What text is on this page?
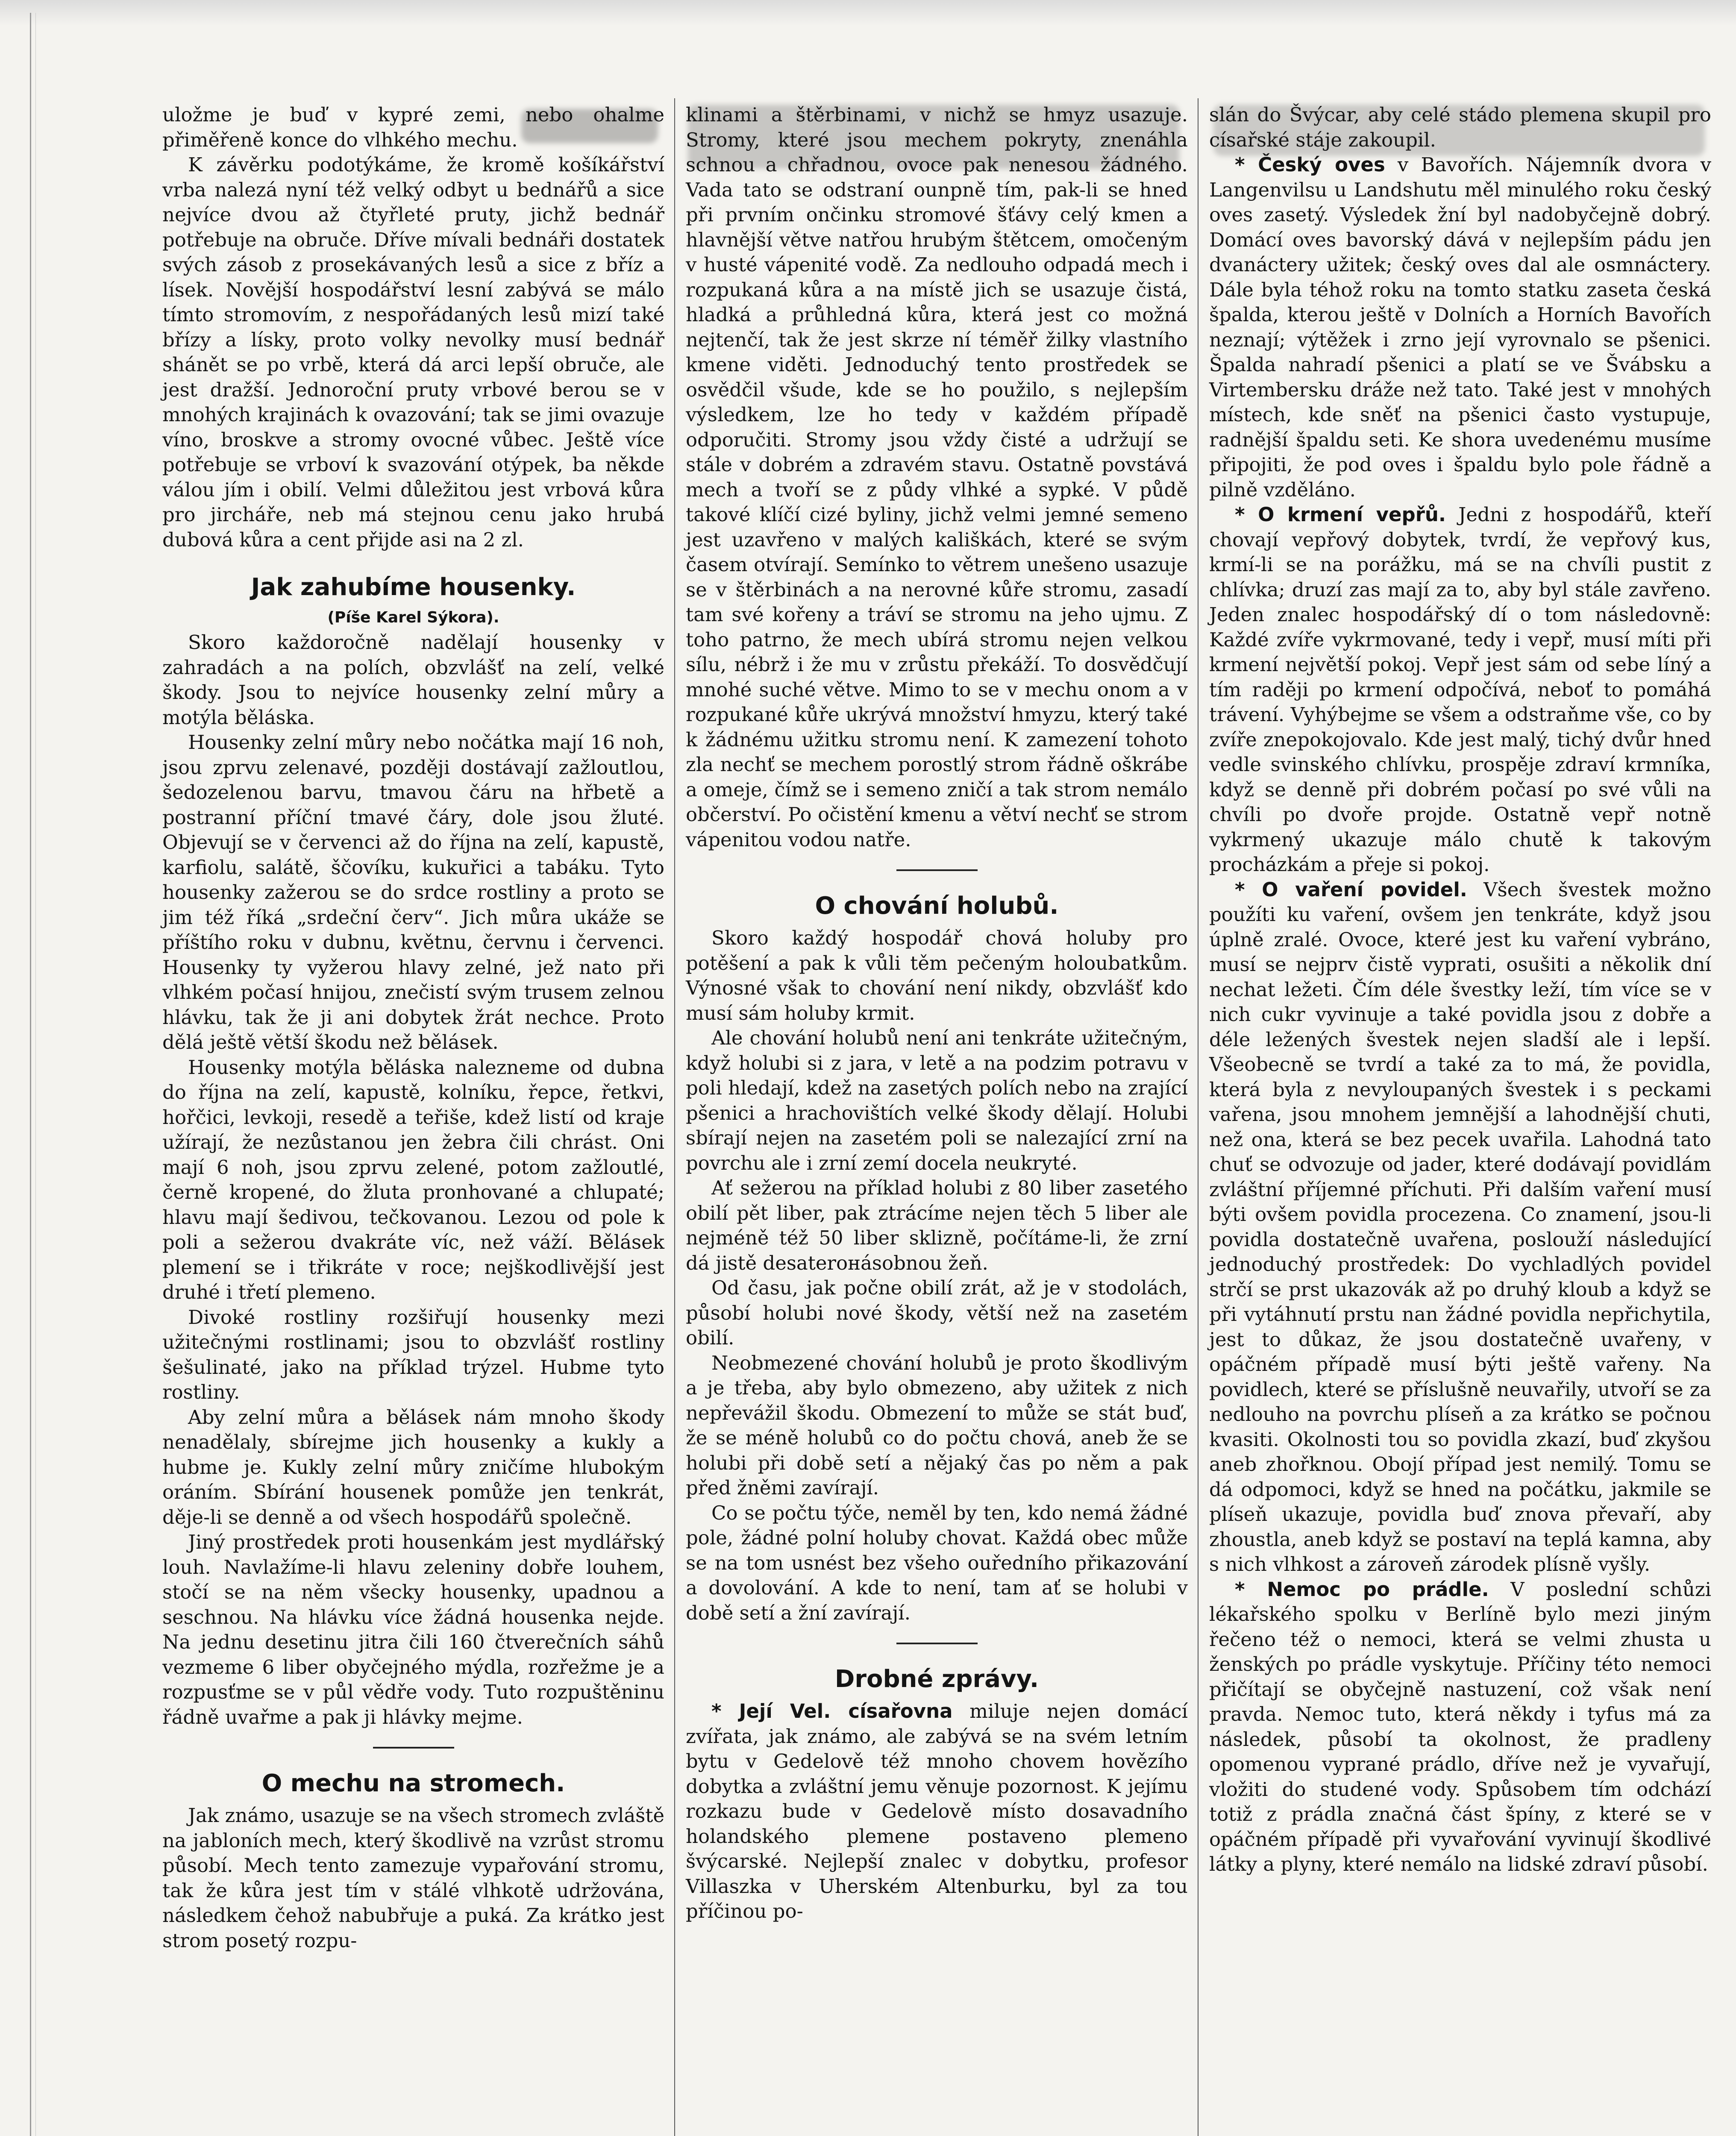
uložme je buď v kypré zemi, nebo ohalme přiměřeně konce do vlhkého mechu.

K závěrku podotýkáme, že kromě košíkářství vrba nalezá nyní též velký odbyt u bednářů a sice nejvíce dvou až čtyřleté pruty, jichž bednář potřebuje na obruče. Dříve mívali bednáři dostatek svých zásob z prosekávaných lesů a sice z bříz a lísek. Novější hospodářství lesní zabývá se málo tímto stromovím, z nespořádaných lesů mizí také břízy a lísky, proto volky nevolky musí bednář shánět se po vrbě, která dá arci lepší obruče, ale jest dražší. Jednoroční pruty vrbové berou se v mnohých krajinách k ovazování; tak se jimi ovazuje víno, broskve a stromy ovocné vůbec. Ještě více potřebuje se vrboví k svazování otýpek, ba někde válou jím i obilí. Velmi důležitou jest vrbová kůra pro jircháře, neb má stejnou cenu jako hrubá dubová kůra a cent přijde asi na 2 zl.

Jak zahubíme housenky.
(Píše Karel Sýkora).

Skoro každoročně nadělají housenky v zahradách a na polích, obzvlášť na zelí, velké škody. Jsou to nejvíce housenky zelní můry a motýla běláska.

Housenky zelní můry nebo nočátka mají 16 noh, jsou zprvu zelenavé, později dostávají zažloutlou, šedozelenou barvu, tmavou čáru na hřbetě a postranní příční tmavé čáry, dole jsou žluté. Objevují se v červenci až do října na zelí, kapustě, karfiolu, salátě, ščovíku, kukuřici a tabáku. Tyto housenky zažerou se do srdce rostliny a proto se jim též říká „srdeční červ“. Jich můra ukáže se příštího roku v dubnu, květnu, červnu i červenci. Housenky ty vyžerou hlavy zelné, jež nato při vlhkém počasí hnijou, znečistí svým trusem zelnou hlávku, tak že ji ani dobytek žrát nechce. Proto dělá ještě větší škodu než bělásek.

Housenky motýla běláska nalezneme od dubna do října na zelí, kapustě, kolníku, řepce, řetkvi, hořčici, levkoji, resedě a teřiše, kdež listí od kraje užírají, že nezůstanou jen žebra čili chrást. Oni mají 6 noh, jsou zprvu zelené, potom zažloutlé, černě kropené, do žluta pronhované a chlupaté; hlavu mají šedivou, tečkovanou. Lezou od pole k poli a sežerou dvakráte víc, než váží. Bělásek plemení se i třikráte v roce; nejškodlivější jest druhé i třetí plemeno.

Divoké rostliny rozšiřují housenky mezi užitečnými rostlinami; jsou to obzvlášť rostliny šešulinaté, jako na příklad trýzel. Hubme tyto rostliny.

Aby zelní můra a bělásek nám mnoho škody nenadělaly, sbírejme jich housenky a kukly a hubme je. Kukly zelní můry zničíme hlubokým oráním. Sbírání housenek pomůže jen tenkrát, děje-li se denně a od všech hospodářů společně.

Jiný prostředek proti housenkám jest mydlářský louh. Navlažíme-li hlavu zeleniny dobře louhem, stočí se na něm všecky housenky, upadnou a seschnou. Na hlávku více žádná housenka nejde. Na jednu desetinu jitra čili 160 čtverečních sáhů vezmeme 6 liber obyčejného mýdla, rozřežme je a rozpusťme se v půl vědře vody. Tuto rozpuštěninu řádně uvařme a pak ji hlávky mejme.

O mechu na stromech.

Jak známo, usazuje se na všech stromech zvláště na jabloních mech, který škodlivě na vzrůst stromu působí. Mech tento zamezuje vypařování stromu, tak že kůra jest tím v stálé vlhkotě udržována, následkem čehož nabubřuje a puká. Za krátko jest strom posetý rozpu-

klinami a štěrbinami, v nichž se hmyz usazuje. Stromy, které jsou mechem pokryty, znenáhla schnou a chřadnou, ovoce pak nenesou žádného. Vada tato se odstraní ounpně tím, pak-li se hned při prvním ončinku stromové šťávy celý kmen a hlavnější větve natřou hrubým štětcem, omočeným v husté vápenité vodě. Za nedlouho odpadá mech i rozpukaná kůra a na místě jich se usazuje čistá, hladká a průhledná kůra, která jest co možná nejtenčí, tak že jest skrze ní téměř žilky vlastního kmene viděti. Jednoduchý tento prostředek se osvědčil všude, kde se ho použilo, s nejlepším výsledkem, lze ho tedy v každém případě odporučiti. Stromy jsou vždy čisté a udržují se stále v dobrém a zdravém stavu. Ostatně povstává mech a tvoří se z půdy vlhké a sypké. V půdě takové klíčí cizé byliny, jichž velmi jemné semeno jest uzavřeno v malých kališkách, které se svým časem otvírají. Semínko to větrem unešeno usazuje se v štěrbinách a na nerovné kůře stromu, zasadí tam své kořeny a tráví se stromu na jeho ujmu. Z toho patrno, že mech ubírá stromu nejen velkou sílu, nébrž i že mu v zrůstu překáží. To dosvědčují mnohé suché větve. Mimo to se v mechu onom a v rozpukané kůře ukrývá množství hmyzu, který také k žádnému užitku stromu není. K zamezení tohoto zla nechť se mechem porostlý strom řádně oškrábe a omeje, čímž se i semeno zničí a tak strom nemálo občerství. Po očistění kmenu a větví nechť se strom vápenitou vodou natře.

O chování holubů.

Skoro každý hospodář chová holuby pro potěšení a pak k vůli těm pečeným holoubatkům. Výnosné však to chování není nikdy, obzvlášť kdo musí sám holuby krmit.

Ale chování holubů není ani tenkráte užitečným, když holubi si z jara, v letě a na podzim potravu v poli hledají, kdež na zasetých polích nebo na zrající pšenici a hrachovištích velké škody dělají. Holubi sbírají nejen na zasetém poli se nalezající zrní na povrchu ale i zrní zemí docela neukryté.

Ať sežerou na příklad holubi z 80 liber zasetého obilí pět liber, pak ztrácíme nejen těch 5 liber ale nejméně též 50 liber sklizně, počítáme-li, že zrní dá jistě desaterонásobnou žeň.

Od času, jak počne obilí zrát, až je v stodolách, působí holubi nové škody, větší než na zasetém obilí.

Neobmezené chování holubů je proto škodlivým a je třeba, aby bylo obmezeno, aby užitek z nich nepřevážil škodu. Obmezení to může se stát buď, že se méně holubů co do počtu chová, aneb že se holubi při době setí a nějaký čas po něm a pak před žněmi zavírají.

Co se počtu týče, neměl by ten, kdo nemá žádné pole, žádné polní holuby chovat. Každá obec může se na tom usnést bez všeho ouředního přikazování a dovolování. A kde to není, tam ať se holubi v době setí a žní zavírají.

Drobné zprávy.

* Její Vel. císařovna miluje nejen domácí zvířata, jak známo, ale zabývá se na svém letním bytu v Gedelově též mnoho chovem hovězího dobytka a zvláštní jemu věnuje pozornost. K jejímu rozkazu bude v Gedelově místo dosavadního holandského plemene postaveno plemeno švýcarské. Nejlepší znalec v dobytku, profesor Villaszka v Uherském Altenburku, byl za tou příčinou po-

slán do Švýcar, aby celé stádo plemena skupil pro císařské stáje zakoupil.

* Český oves v Bavořích. Nájemník dvora v Langenvilsu u Landshutu měl minulého roku český oves zasetý. Výsledek žní byl nadobyčejně dobrý. Domácí oves bavorský dává v nejlepším pádu jen dvanáctery užitek; český oves dal ale osmnáctery. Dále byla téhož roku na tomto statku zaseta česká špalda, kterou ještě v Dolních a Horních Bavořích neznají; výtěžek i zrno její vyrovnalo se pšenici. Špalda nahradí pšenici a platí se ve Švábsku a Virtembersku dráže než tato. Také jest v mnohých místech, kde sněť na pšenici často vystupuje, radnější špaldu seti. Ke shora uvedenému musíme připojiti, že pod oves i špaldu bylo pole řádně a pilně vzděláno.

* O krmení vepřů. Jedni z hospodářů, kteří chovají vepřový dobytek, tvrdí, že vepřový kus, krmí-li se na porážku, má se na chvíli pustit z chlívka; druzí zas mají za to, aby byl stále zavřeno. Jeden znalec hospodářský dí o tom následovně: Každé zvíře vykrmované, tedy i vepř, musí míti při krmení největší pokoj. Vepř jest sám od sebe líný a tím raději po krmení odpočívá, neboť to pomáhá trávení. Vyhýbejme se všem a odstraňme vše, co by zvíře znepokojovalo. Kde jest malý, tichý dvůr hned vedle svinského chlívku, prospěje zdraví krmníka, když se denně při dobrém počasí po své vůli na chvíli po dvoře projde. Ostatně vepř notně vykrmený ukazuje málo chutě k takovým procházkám a přeje si pokoj.

* O vaření povidel. Všech švestek možno použíti ku vaření, ovšem jen tenkráte, když jsou úplně zralé. Ovoce, které jest ku vaření vybráno, musí se nejprv čistě vyprati, osušiti a několik dní nechat ležeti. Čím déle švestky leží, tím více se v nich cukr vyvinuje a také povidla jsou z dobře a déle ležených švestek nejen sladší ale i lepší. Všeobecně se tvrdí a také za to má, že povidla, která byla z nevyloupaných švestek i s peckami vařena, jsou mnohem jemnější a lahodnější chuti, než ona, která se bez pecek uvařila. Lahodná tato chuť se odvozuje od jader, které dodávají povidlám zvláštní příjemné příchuti. Při dalším vaření musí býti ovšem povidla procezena. Co znamení, jsou-li povidla dostatečně uvařena, poslouží následující jednoduchý prostředek: Do vychladlých povidel strčí se prst ukazovák až po druhý kloub a když se při vytáhnutí prstu nan žádné povidla nepřichytila, jest to důkaz, že jsou dostatečně uvařeny, v opáčném případě musí býti ještě vařeny. Na povidlech, které se příslušně neuvařily, utvoří se za nedlouho na povrchu plíseň a za krátko se počnou kvasiti. Okolnosti tou so povidla zkazí, buď zkyšou aneb zhořknou. Obojí případ jest nemilý. Tomu se dá odpomoci, když se hned na počátku, jakmile se plíseň ukazuje, povidla buď znova převaří, aby zhoustla, aneb když se postaví na teplá kamna, aby s nich vlhkost a zároveň zárodek plísně vyšly.

* Nemoc po prádle. V poslední schůzi lékařského spolku v Berlíně bylo mezi jiným řečeno též o nemoci, která se velmi zhusta u ženských po prádle vyskytuje. Příčiny této nemoci přičítají se obyčejně nastuzení, což však není pravda. Nemoc tuto, která někdy i tyfus má za následek, působí ta okolnost, že pradleny opomenou vyprané prádlo, dříve než je vyvařují, vložiti do studené vody. Spůsobem tím odchází totiž z prádla značná část špíny, z které se v opáčném případě při vyvařování vyvinují škodlivé látky a plyny, které nemálo na lidské zdraví působí.
